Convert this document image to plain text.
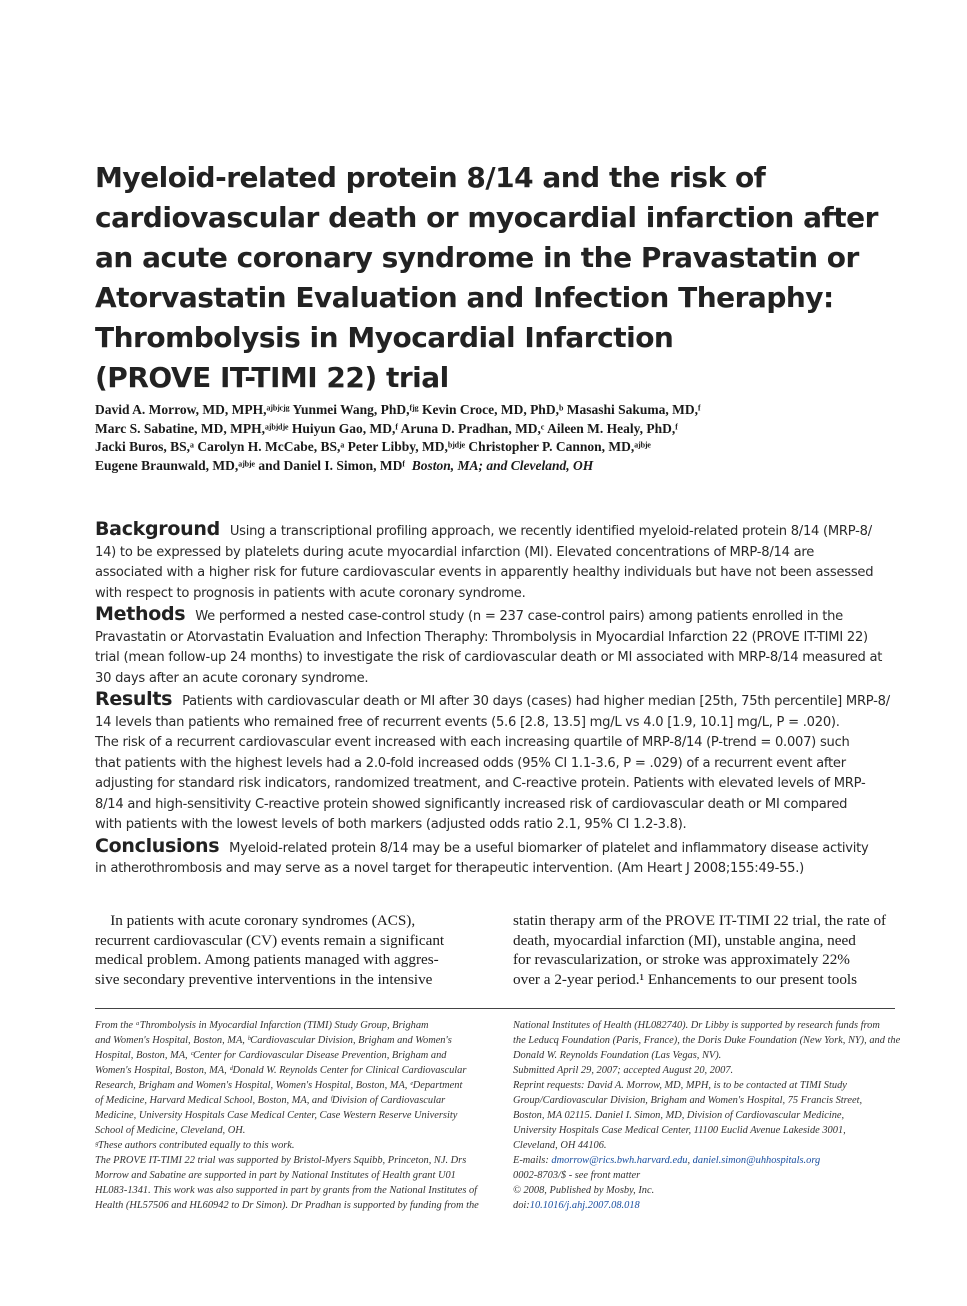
Myeloid-related protein 8/14 and the risk of
cardiovascular death or myocardial infarction after
an acute coronary syndrome in the Pravastatin or
Atorvastatin Evaluation and Infection Theraphy:
Thrombolysis in Myocardial Infarction
(PROVE IT-TIMI 22) trial
David A. Morrow, MD, MPH,ᵃʲᵇʲᶜʲᵍ Yunmei Wang, PhD,ᶠʲᵍ Kevin Croce, MD, PhD,ᵇ Masashi Sakuma, MD,ᶠ
Marc S. Sabatine, MD, MPH,ᵃʲᵇʲᵈʲᵉ Huiyun Gao, MD,ᶠ Aruna D. Pradhan, MD,ᶜ Aileen M. Healy, PhD,ᶠ
Jacki Buros, BS,ᵃ Carolyn H. McCabe, BS,ᵃ Peter Libby, MD,ᵇʲᵈʲᵉ Christopher P. Cannon, MD,ᵃʲᵇʲᵉ
Eugene Braunwald, MD,ᵃʲᵇʲᵉ and Daniel I. Simon, MDᶠ Boston, MA; and Cleveland, OH
Background Using a transcriptional profiling approach, we recently identified myeloid-related protein 8/14 (MRP-8/
14) to be expressed by platelets during acute myocardial infarction (MI). Elevated concentrations of MRP-8/14 are
associated with a higher risk for future cardiovascular events in apparently healthy individuals but have not been assessed
with respect to prognosis in patients with acute coronary syndrome.
Methods We performed a nested case-control study (n = 237 case-control pairs) among patients enrolled in the
Pravastatin or Atorvastatin Evaluation and Infection Theraphy: Thrombolysis in Myocardial Infarction 22 (PROVE IT-TIMI 22)
trial (mean follow-up 24 months) to investigate the risk of cardiovascular death or MI associated with MRP-8/14 measured at
30 days after an acute coronary syndrome.
Results Patients with cardiovascular death or MI after 30 days (cases) had higher median [25th, 75th percentile] MRP-8/
14 levels than patients who remained free of recurrent events (5.6 [2.8, 13.5] mg/L vs 4.0 [1.9, 10.1] mg/L, P = .020).
The risk of a recurrent cardiovascular event increased with each increasing quartile of MRP-8/14 (P-trend = 0.007) such
that patients with the highest levels had a 2.0-fold increased odds (95% CI 1.1-3.6, P = .029) of a recurrent event after
adjusting for standard risk indicators, randomized treatment, and C-reactive protein. Patients with elevated levels of MRP-
8/14 and high-sensitivity C-reactive protein showed significantly increased risk of cardiovascular death or MI compared
with patients with the lowest levels of both markers (adjusted odds ratio 2.1, 95% CI 1.2-3.8).
Conclusions Myeloid-related protein 8/14 may be a useful biomarker of platelet and inflammatory disease activity
in atherothrombosis and may serve as a novel target for therapeutic intervention. (Am Heart J 2008;155:49-55.)
In patients with acute coronary syndromes (ACS),
recurrent cardiovascular (CV) events remain a significant
medical problem. Among patients managed with aggres-
sive secondary preventive interventions in the intensive
statin therapy arm of the PROVE IT-TIMI 22 trial, the rate of
death, myocardial infarction (MI), unstable angina, need
for revascularization, or stroke was approximately 22%
over a 2-year period.¹ Enhancements to our present tools
From the ᵃThrombolysis in Myocardial Infarction (TIMI) Study Group, Brigham
and Women's Hospital, Boston, MA, ᵇCardiovascular Division, Brigham and Women's
Hospital, Boston, MA, ᶜCenter for Cardiovascular Disease Prevention, Brigham and
Women's Hospital, Boston, MA, ᵈDonald W. Reynolds Center for Clinical Cardiovascular
Research, Brigham and Women's Hospital, Women's Hospital, Boston, MA, ᵉDepartment
of Medicine, Harvard Medical School, Boston, MA, and ᶠDivision of Cardiovascular
Medicine, University Hospitals Case Medical Center, Case Western Reserve University
School of Medicine, Cleveland, OH.
ᵍThese authors contributed equally to this work.
The PROVE IT-TIMI 22 trial was supported by Bristol-Myers Squibb, Princeton, NJ. Drs
Morrow and Sabatine are supported in part by National Institutes of Health grant U01
HL083-1341. This work was also supported in part by grants from the National Institutes of
Health (HL57506 and HL60942 to Dr Simon). Dr Pradhan is supported by funding from the
National Institutes of Health (HL082740). Dr Libby is supported by research funds from
the Leducq Foundation (Paris, France), the Doris Duke Foundation (New York, NY), and the
Donald W. Reynolds Foundation (Las Vegas, NV).
Submitted April 29, 2007; accepted August 20, 2007.
Reprint requests: David A. Morrow, MD, MPH, is to be contacted at TIMI Study
Group/Cardiovascular Division, Brigham and Women's Hospital, 75 Francis Street,
Boston, MA 02115. Daniel I. Simon, MD, Division of Cardiovascular Medicine,
University Hospitals Case Medical Center, 11100 Euclid Avenue Lakeside 3001,
Cleveland, OH 44106.
E-mails: dmorrow@rics.bwh.harvard.edu, daniel.simon@uhhospitals.org
0002-8703/$ - see front matter
© 2008, Published by Mosby, Inc.
doi:10.1016/j.ahj.2007.08.018
